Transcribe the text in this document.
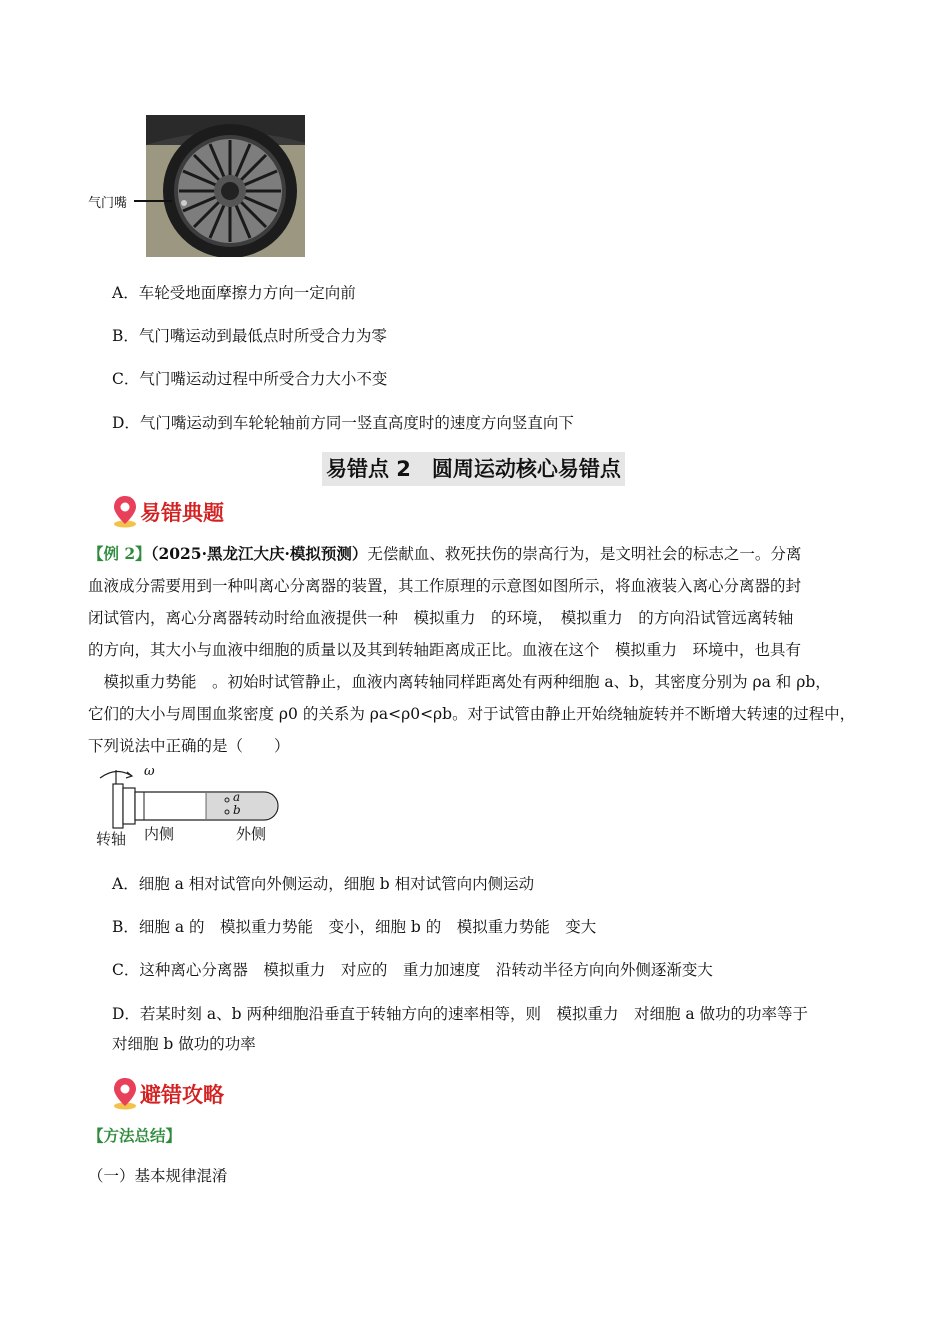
气门嘴
A．车轮受地面摩擦力方向一定向前
B．气门嘴运动到最低点时所受合力为零
C．气门嘴运动过程中所受合力大小不变
D．气门嘴运动到车轮轮轴前方同一竖直高度时的速度方向竖直向下
易错点 2　圆周运动核心易错点
易错典题
【例 2】（2025·黑龙江大庆·模拟预测）无偿献血、救死扶伤的崇高行为，是文明社会的标志之一。分离
血液成分需要用到一种叫离心分离器的装置，其工作原理的示意图如图所示，将血液装入离心分离器的封
闭试管内，离心分离器转动时给血液提供一种　模拟重力　的环境，　模拟重力　的方向沿试管远离转轴
的方向，其大小与血液中细胞的质量以及其到转轴距离成正比。血液在这个　模拟重力　环境中，也具有
　模拟重力势能　。初始时试管静止，血液内离转轴同样距离处有两种细胞 a、b，其密度分别为 ρa 和 ρb，
它们的大小与周围血浆密度 ρ0 的关系为 ρa<ρ0<ρb。对于试管由静止开始绕轴旋转并不断增大转速的过程中，
下列说法中正确的是（　　）
ω
a
b
转轴 内侧	外侧
A．细胞 a 相对试管向外侧运动，细胞 b 相对试管向内侧运动
B．细胞 a 的　模拟重力势能　变小，细胞 b 的　模拟重力势能　变大
C．这种离心分离器　模拟重力　对应的　重力加速度　沿转动半径方向向外侧逐渐变大
D．若某时刻 a、b 两种细胞沿垂直于转轴方向的速率相等，则　模拟重力　对细胞 a 做功的功率等于
对细胞 b 做功的功率
避错攻略
【方法总结】
（一）基本规律混淆
